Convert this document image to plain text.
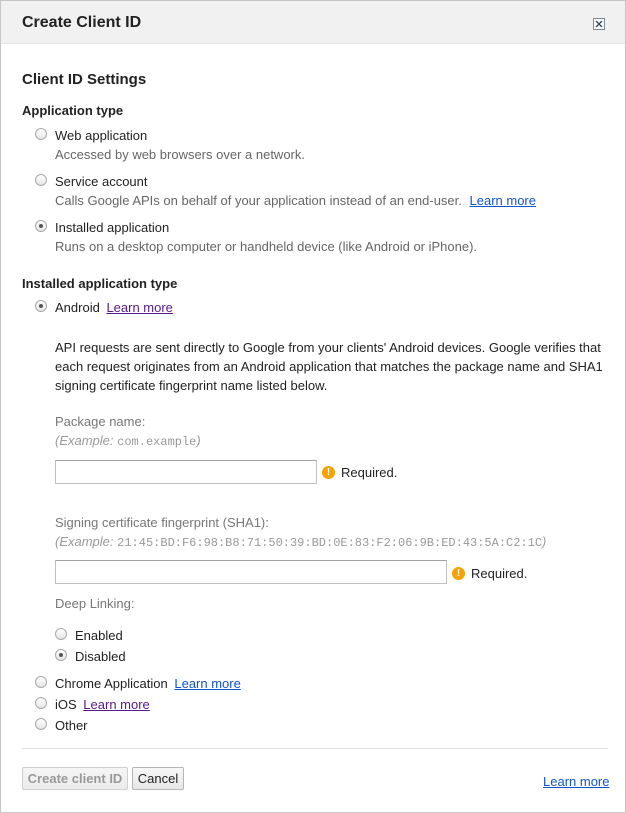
Create Client ID
Client ID Settings
Application type
Web application
Accessed by web browsers over a network.
Service account
Calls Google APIs on behalf of your application instead of an end-user. Learn more
Installed application
Runs on a desktop computer or handheld device (like Android or iPhone).
Installed application type
Android Learn more
API requests are sent directly to Google from your clients' Android devices. Google verifies that each request originates from an Android application that matches the package name and SHA1 signing certificate fingerprint name listed below.
Package name:
(Example: com.example)
! Required.
Signing certificate fingerprint (SHA1):
(Example: 21:45:BD:F6:98:B8:71:50:39:BD:0E:83:F2:06:9B:ED:43:5A:C2:1C)
! Required.
Deep Linking:
Enabled
Disabled
Chrome Application Learn more
iOS Learn more
Other
Create client ID	Cancel	Learn more
